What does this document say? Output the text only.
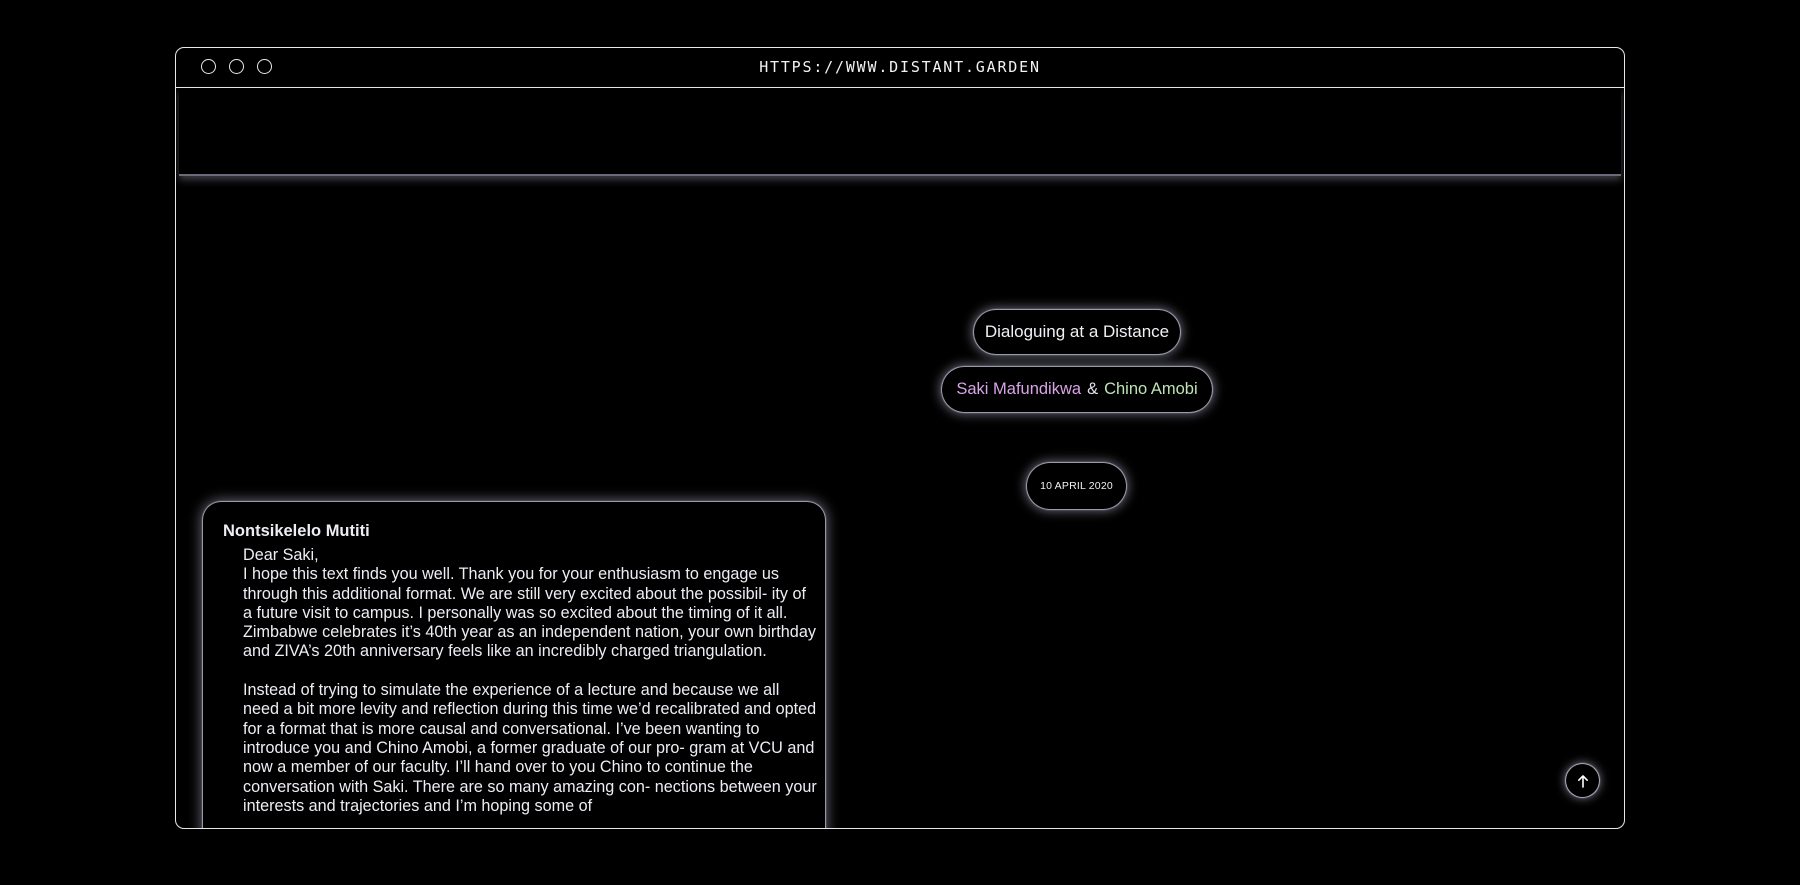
HTTPS://WWW.DISTANT.GARDEN
Dialoguing at a Distance
Saki Mafundikwa & Chino Amobi
10 APRIL 2020
Nontsikelelo Mutiti
Dear Saki,

I hope this text finds you well. Thank you for your enthusiasm to engage us through this additional format. We are still very excited about the possibil- ity of a future visit to campus. I personally was so excited about the timing of it all. Zimbabwe celebrates it’s 40th year as an independent nation, your own birthday and ZIVA’s 20th anniversary feels like an incredibly charged triangulation.

Instead of trying to simulate the experience of a lecture and because we all need a bit more levity and reflection during this time we’d recalibrated and opted for a format that is more causal and conversational. I’ve been wanting to introduce you and Chino Amobi, a former graduate of our pro- gram at VCU and now a member of our faculty. I’ll hand over to you Chino to continue the conversation with Saki. There are so many amazing con- nections between your interests and trajectories and I’m hoping some of
